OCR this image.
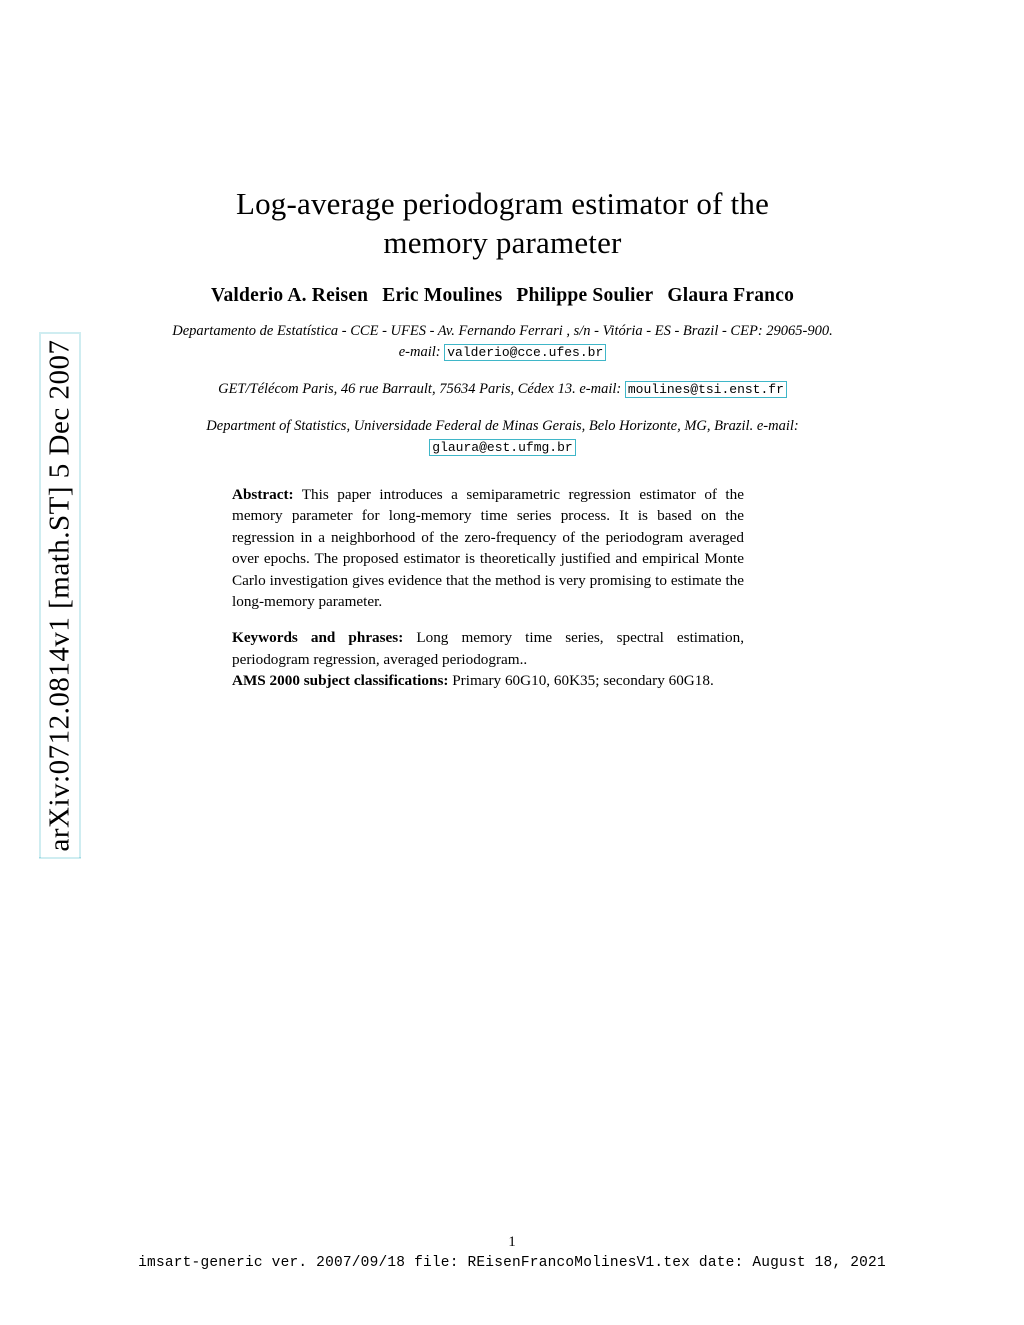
arXiv:0712.0814v1 [math.ST] 5 Dec 2007
Log-average periodogram estimator of the
memory parameter
Valderio A. Reisen Eric Moulines Philippe Soulier Glaura Franco
Departamento de Estatística - CCE - UFES - Av. Fernando Ferrari , s/n - Vitória - ES - Brazil - CEP: 29065-900. e-mail: valderio@cce.ufes.br
GET/Télécom Paris, 46 rue Barrault, 75634 Paris, Cédex 13. e-mail: moulines@tsi.enst.fr
Department of Statistics, Universidade Federal de Minas Gerais, Belo Horizonte, MG, Brazil. e-mail: glaura@est.ufmg.br

Abstract: This paper introduces a semiparametric regression estimator of the memory parameter for long-memory time series process. It is based on the regression in a neighborhood of the zero-frequency of the periodogram averaged over epochs. The proposed estimator is theoretically justified and empirical Monte Carlo investigation gives evidence that the method is very promising to estimate the long-memory parameter.

Keywords and phrases: Long memory time series, spectral estimation, periodogram regression, averaged periodogram..
AMS 2000 subject classifications: Primary 60G10, 60K35; secondary 60G18.

1
imsart-generic ver. 2007/09/18 file: REisenFrancoMolinesV1.tex date: August 18, 2021
